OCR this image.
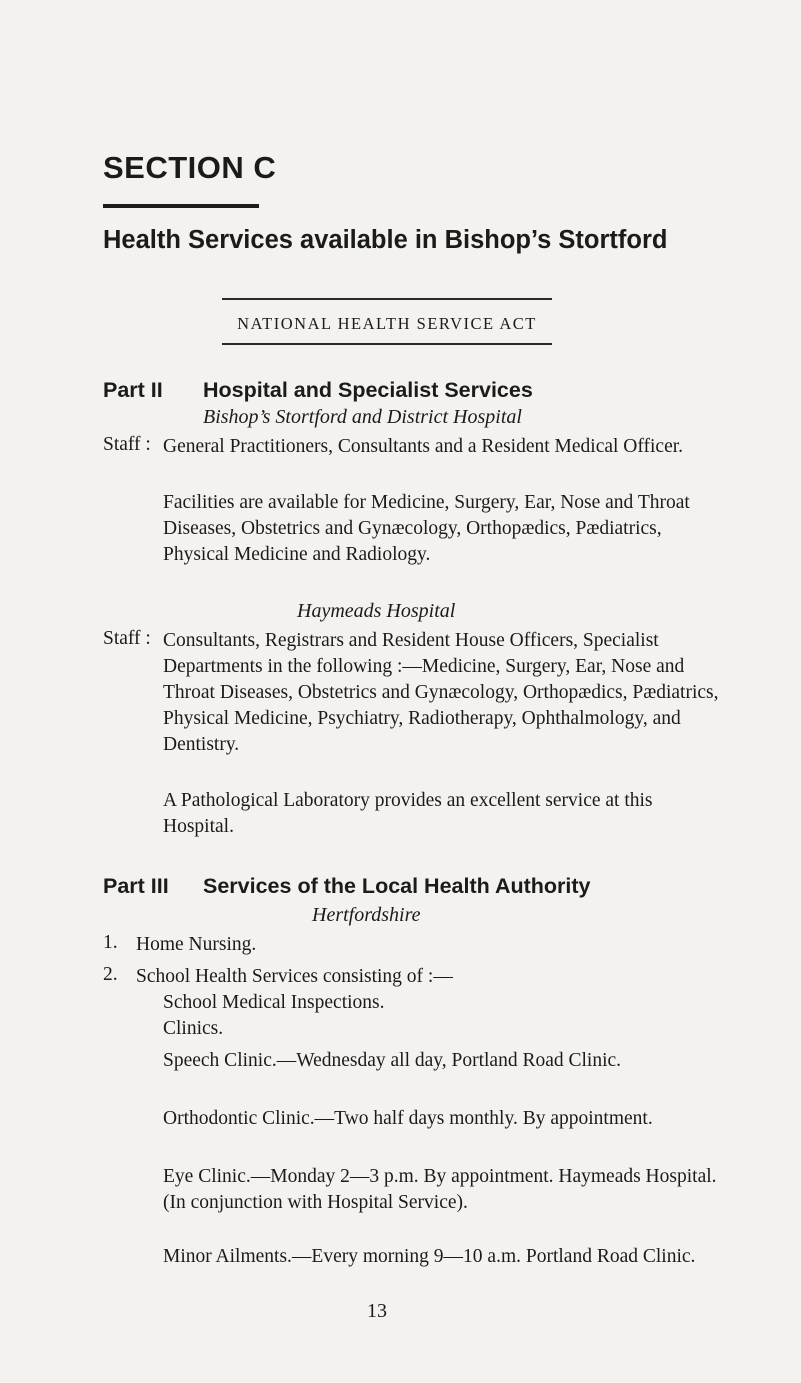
SECTION C
Health Services available in Bishop’s Stortford
NATIONAL HEALTH SERVICE ACT
Part II Hospital and Specialist Services
Bishop’s Stortford and District Hospital
Staff : General Practitioners, Consultants and a Resident Medical Officer.
Facilities are available for Medicine, Surgery, Ear, Nose and Throat Diseases, Obstetrics and Gynæcology, Orthopædics, Pædiatrics, Physical Medicine and Radiology.
Haymeads Hospital
Staff : Consultants, Registrars and Resident House Officers, Specialist Departments in the following :—Medicine, Surgery, Ear, Nose and Throat Diseases, Obstetrics and Gynæcology, Orthopædics, Pædiatrics, Physical Medicine, Psychiatry, Radiotherapy, Ophthalmology, and Dentistry.
A Pathological Laboratory provides an excellent service at this Hospital.
Part III Services of the Local Health Authority
Hertfordshire
1. Home Nursing.
2. School Health Services consisting of :—
School Medical Inspections.
Clinics.
Speech Clinic.—Wednesday all day, Portland Road Clinic.
Orthodontic Clinic.—Two half days monthly. By appointment.
Eye Clinic.—Monday 2—3 p.m. By appointment. Haymeads Hospital. (In conjunction with Hospital Service).
Minor Ailments.—Every morning 9—10 a.m. Portland Road Clinic.
13
